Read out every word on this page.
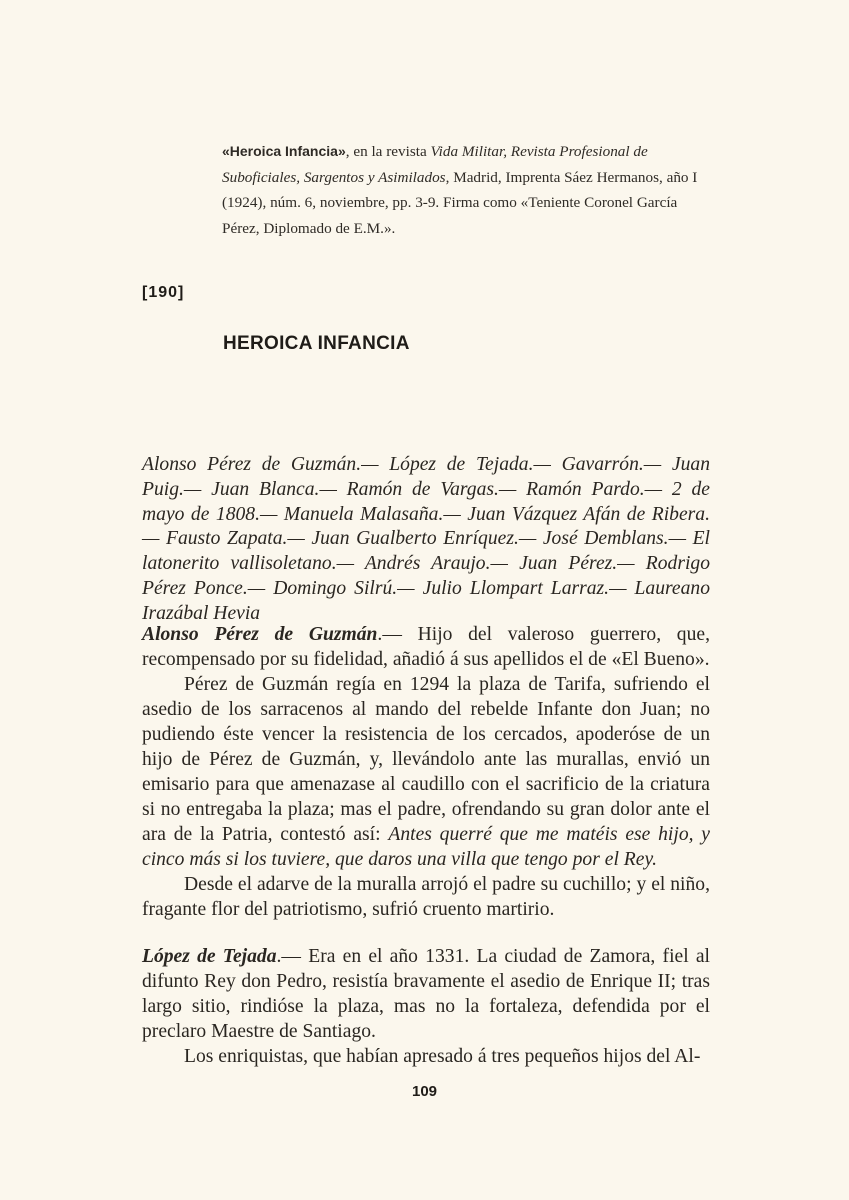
«Heroica Infancia», en la revista Vida Militar, Revista Profesional de Suboficiales, Sargentos y Asimilados, Madrid, Imprenta Sáez Hermanos, año I (1924), núm. 6, noviembre, pp. 3-9. Firma como «Teniente Coronel García Pérez, Diplomado de E.M.».
[190]
HEROICA INFANCIA

Alonso Pérez de Guzmán.— López de Tejada.— Gavarrón.— Juan Puig.— Juan Blanca.— Ramón de Vargas.— Ramón Pardo.— 2 de mayo de 1808.— Manuela Malasaña.— Juan Vázquez Afán de Ribera.— Fausto Zapata.— Juan Gualberto Enríquez.— José Demblans.— El latonerito vallisoletano.— Andrés Araujo.— Juan Pérez.— Rodrigo Pérez Ponce.— Domingo Silrú.— Julio Llompart Larraz.— Laureano Irazábal Hevia

Alonso Pérez de Guzmán.— Hijo del valeroso guerrero, que, recompensado por su fidelidad, añadió á sus apellidos el de «El Bueno».

Pérez de Guzmán regía en 1294 la plaza de Tarifa, sufriendo el asedio de los sarracenos al mando del rebelde Infante don Juan; no pudiendo éste vencer la resistencia de los cercados, apoderóse de un hijo de Pérez de Guzmán, y, llevándolo ante las murallas, envió un emisario para que amenazase al caudillo con el sacrificio de la criatura si no entregaba la plaza; mas el padre, ofrendando su gran dolor ante el ara de la Patria, contestó así: Antes querré que me matéis ese hijo, y cinco más si los tuviere, que daros una villa que tengo por el Rey.

Desde el adarve de la muralla arrojó el padre su cuchillo; y el niño, fragante flor del patriotismo, sufrió cruento martirio.

López de Tejada.— Era en el año 1331. La ciudad de Zamora, fiel al difunto Rey don Pedro, resistía bravamente el asedio de Enrique II; tras largo sitio, rindióse la plaza, mas no la fortaleza, defendida por el preclaro Maestre de Santiago.

Los enriquistas, que habían apresado á tres pequeños hijos del Al-

109
